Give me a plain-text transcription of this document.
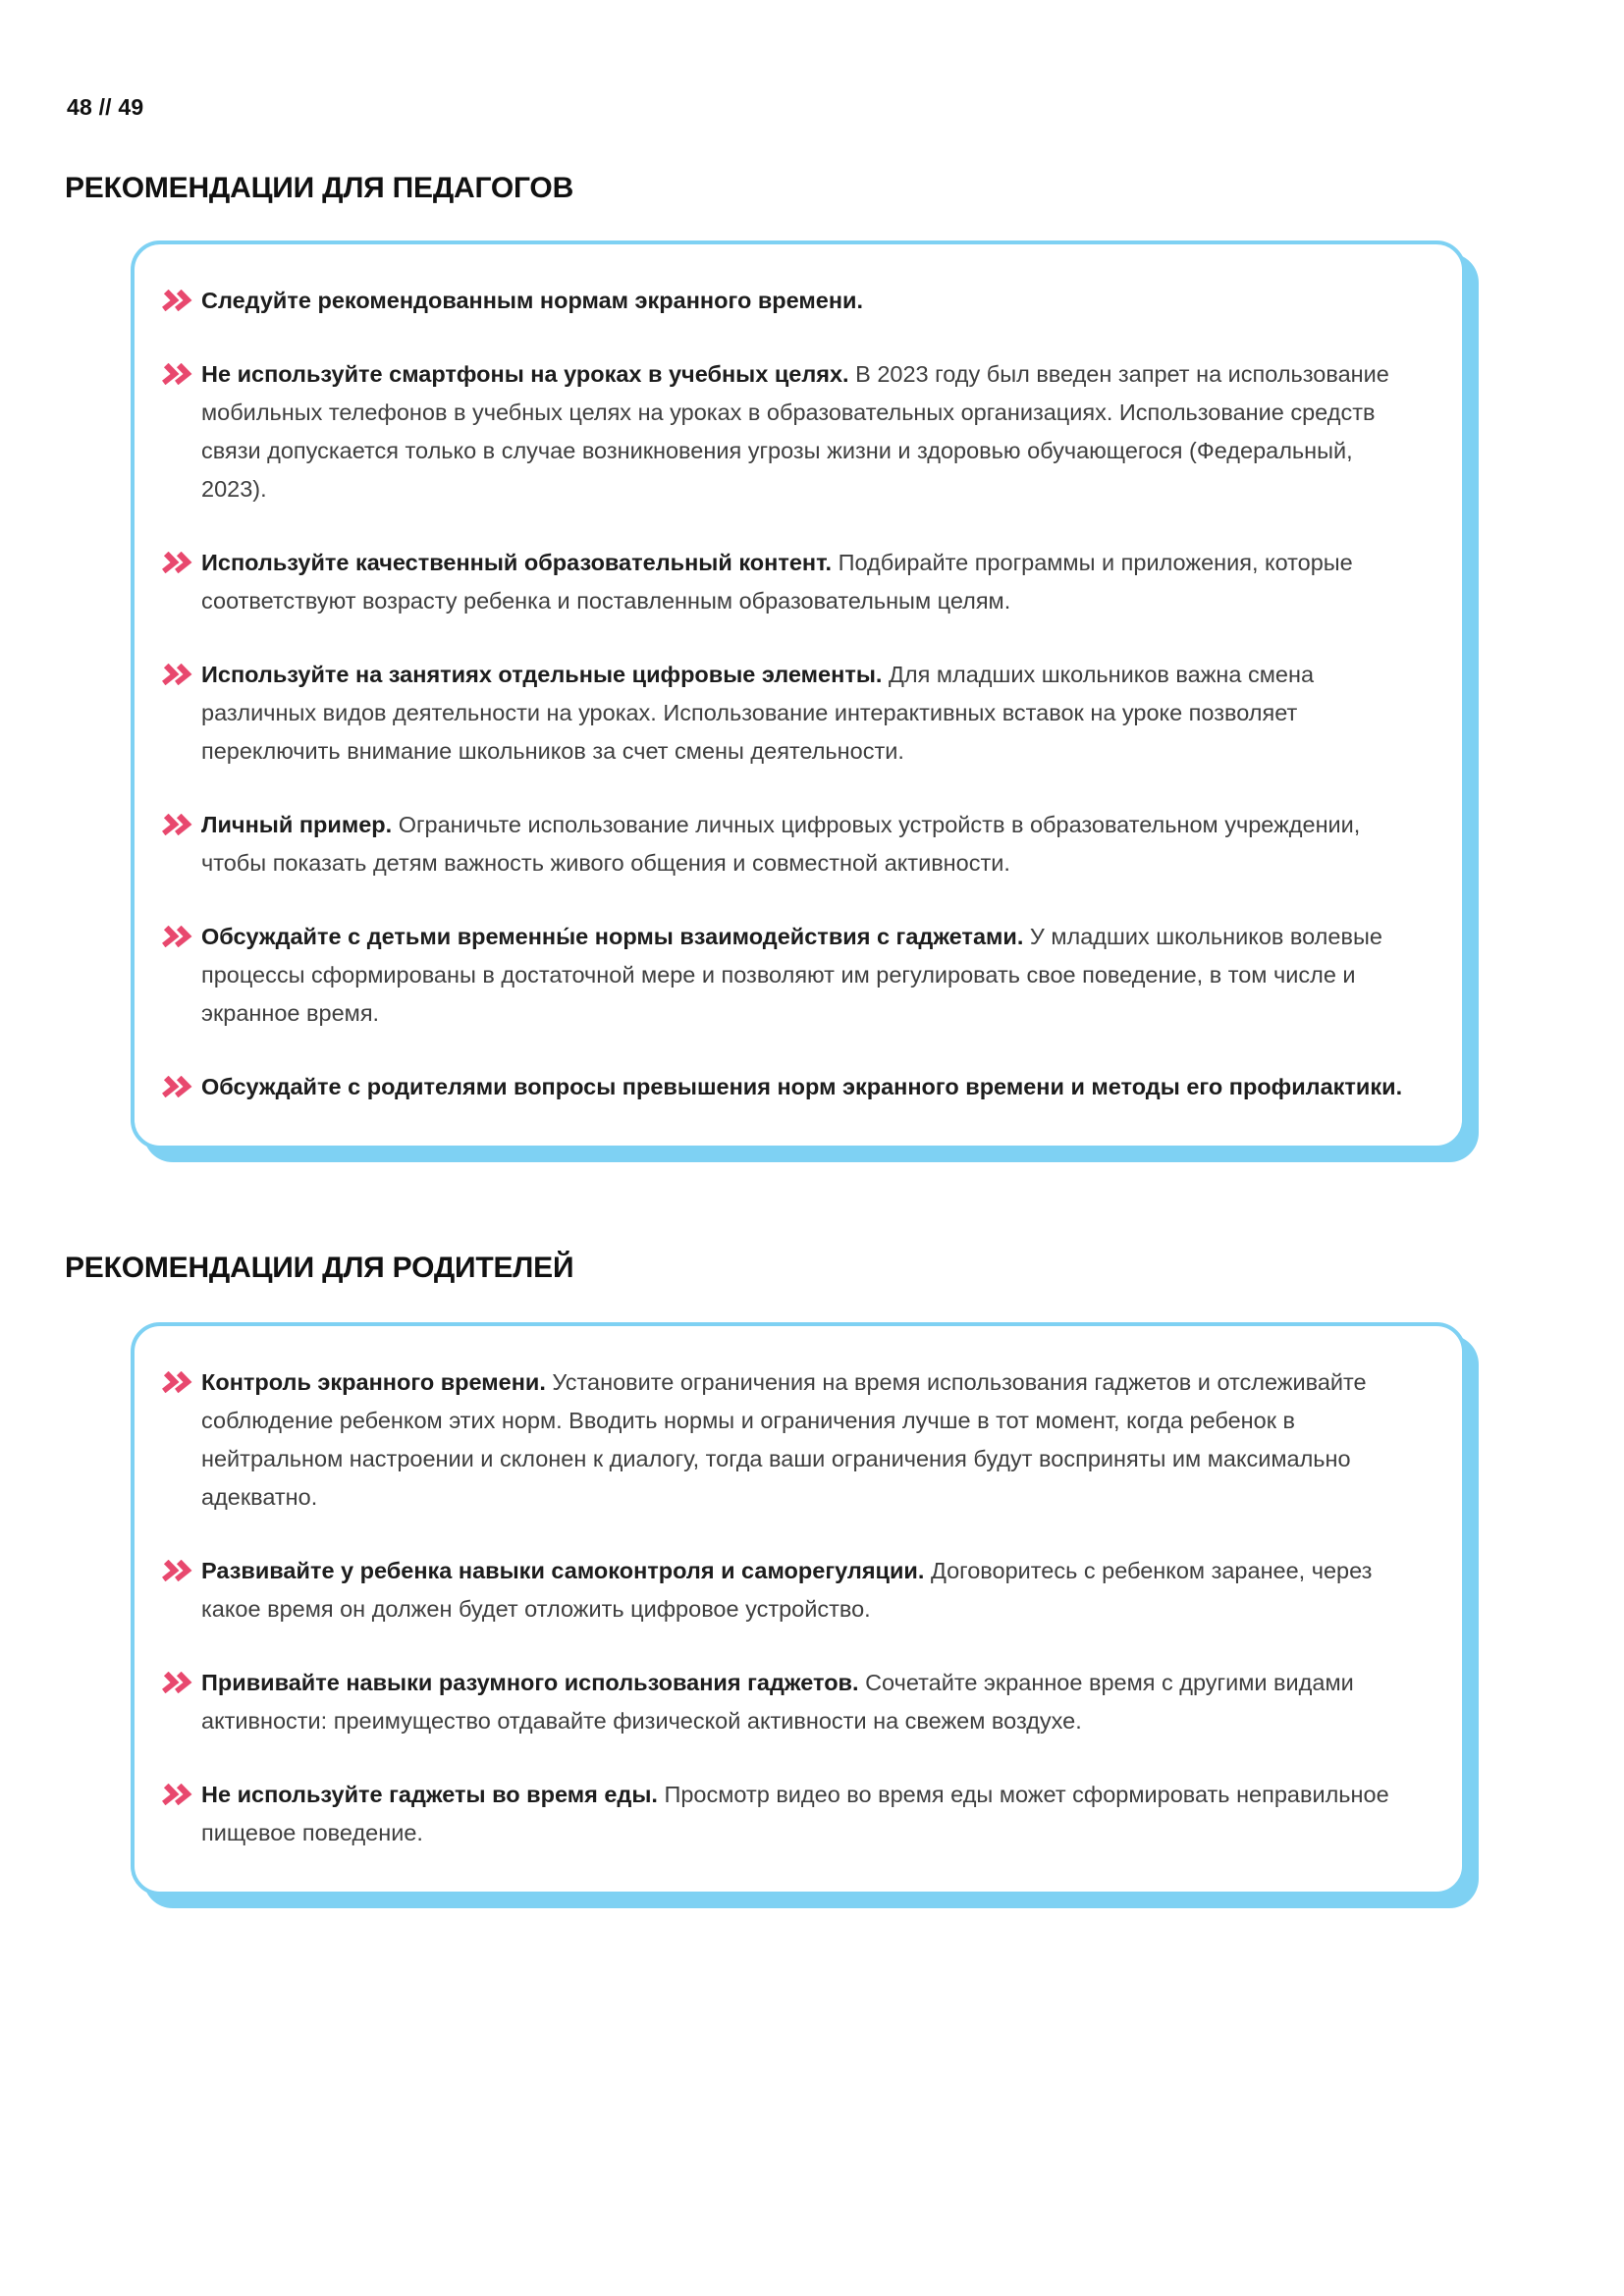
48 // 49

РЕКОМЕНДАЦИИ ДЛЯ ПЕДАГОГОВ

Следуйте рекомендованным нормам экранного времени.

Не используйте смартфоны на уроках в учебных целях. В 2023 году был введен запрет на использование мобильных телефонов в учебных целях на уроках в образовательных организациях. Использование средств связи допускается только в случае возникновения угрозы жизни и здоровью обучающегося (Федеральный, 2023).

Используйте качественный образовательный контент. Подбирайте программы и приложения, которые соответствуют возрасту ребенка и поставленным образовательным целям.

Используйте на занятиях отдельные цифровые элементы. Для младших школьников важна смена различных видов деятельности на уроках. Использование интерактивных вставок на уроке позволяет переключить внимание школьников за счет смены деятельности.

Личный пример. Ограничьте использование личных цифровых устройств в образовательном учреждении, чтобы показать детям важность живого общения и совместной активности.

Обсуждайте с детьми временны́е нормы взаимодействия с гаджетами. У младших школьников волевые процессы сформированы в достаточной мере и позволяют им регулировать свое поведение, в том числе и экранное время.

Обсуждайте с родителями вопросы превышения норм экранного времени и методы его профилактики.

РЕКОМЕНДАЦИИ ДЛЯ РОДИТЕЛЕЙ

Контроль экранного времени. Установите ограничения на время использования гаджетов и отслеживайте соблюдение ребенком этих норм. Вводить нормы и ограничения лучше в тот момент, когда ребенок в нейтральном настроении и склонен к диалогу, тогда ваши ограничения будут восприняты им максимально адекватно.

Развивайте у ребенка навыки самоконтроля и саморегуляции. Договоритесь с ребенком заранее, через какое время он должен будет отложить цифровое устройство.

Прививайте навыки разумного использования гаджетов. Сочетайте экранное время с другими видами активности: преимущество отдавайте физической активности на свежем воздухе.

Не используйте гаджеты во время еды. Просмотр видео во время еды может сформировать неправильное пищевое поведение.
